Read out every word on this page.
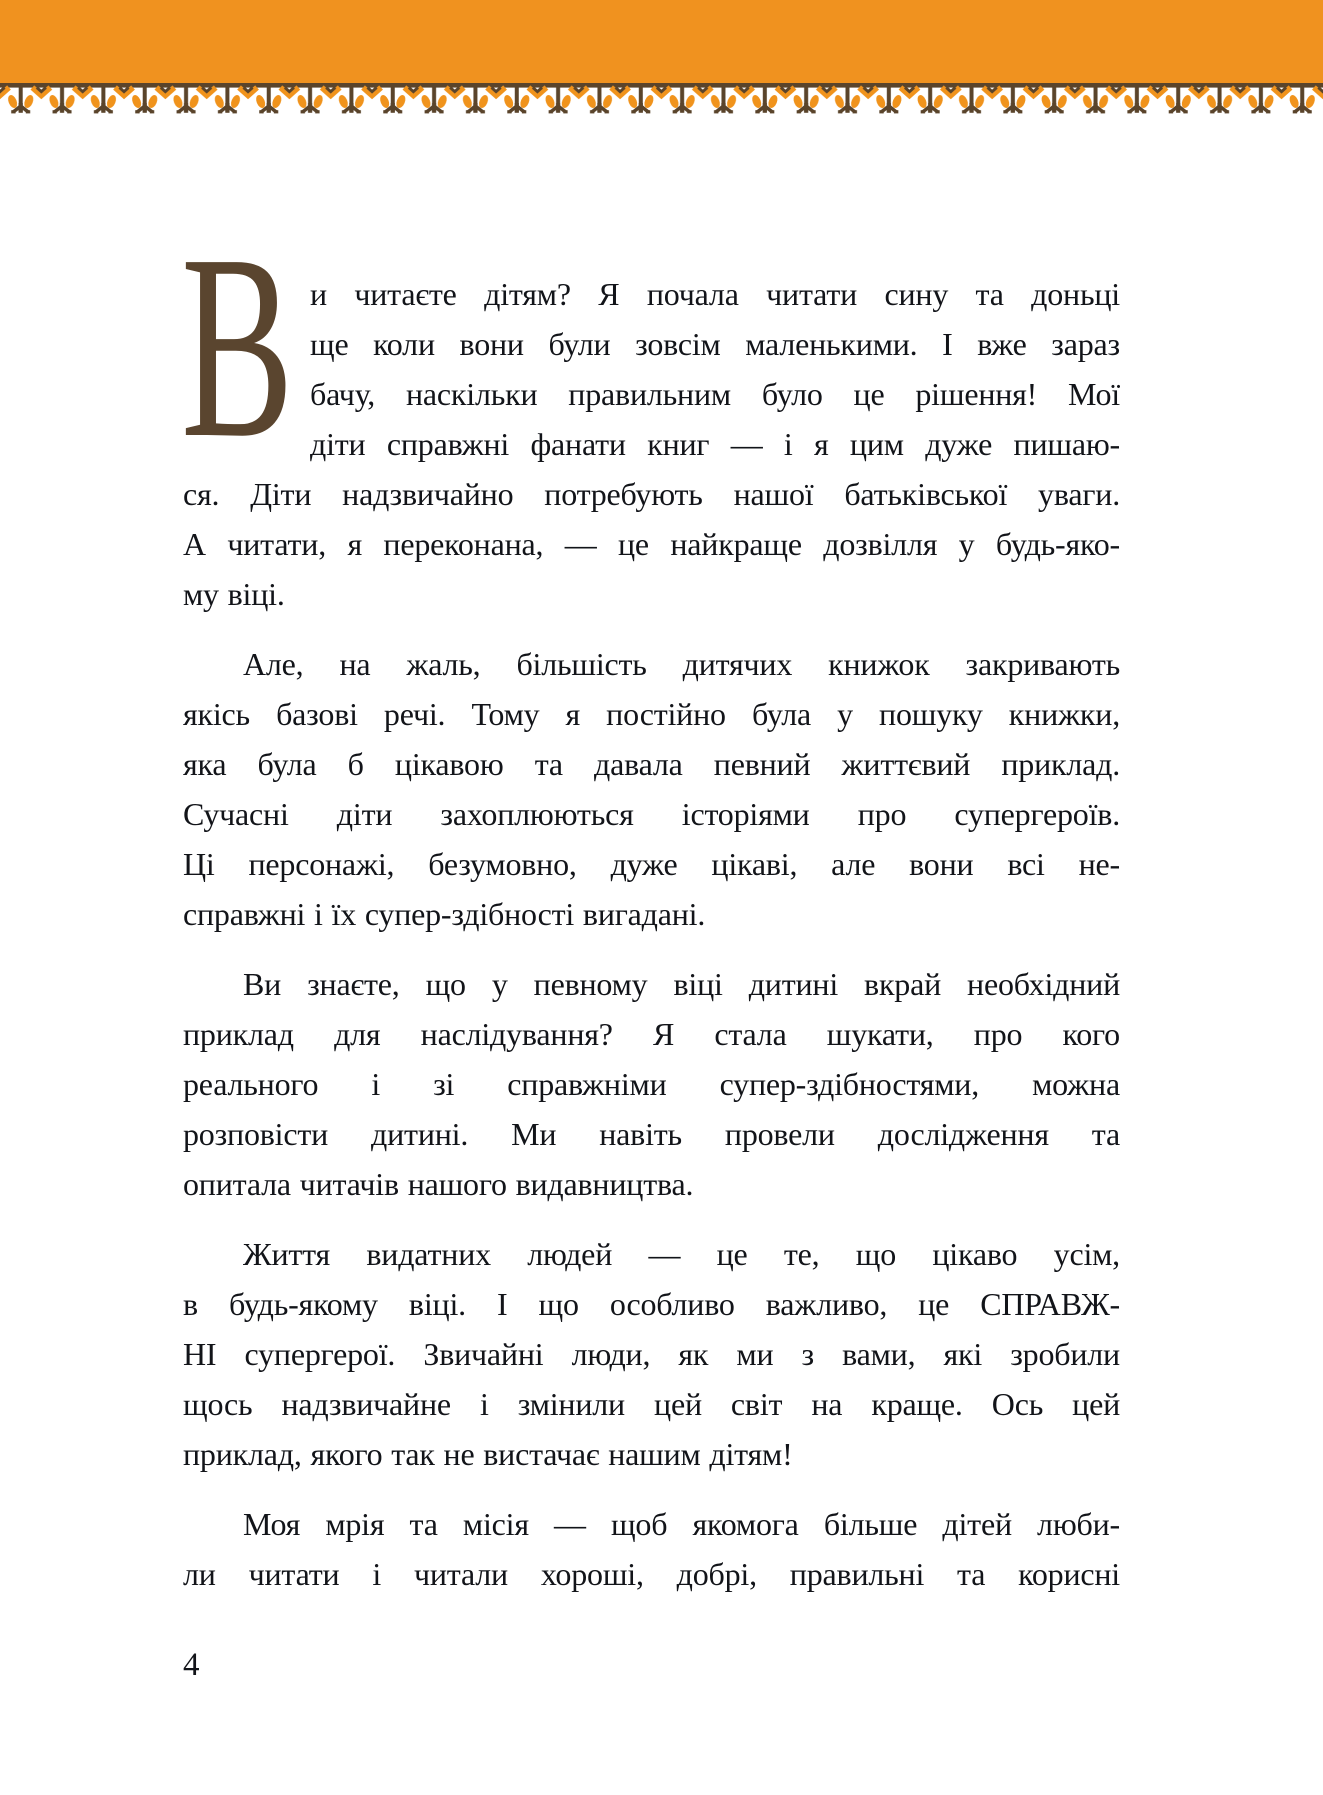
В и читаєте дітям? Я почала читати сину та доньці
ще коли вони були зовсім маленькими. І вже зараз
бачу, наскільки правильним було це рішення! Мої
діти справжні фанати книг — і я цим дуже пишаю-
ся. Діти надзвичайно потребують нашої батьківської уваги.
А читати, я переконана, — це найкраще дозвілля у будь-яко-
му віці.
Але, на жаль, більшість дитячих книжок закривають
якісь базові речі. Тому я постійно була у пошуку книжки,
яка була б цікавою та давала певний життєвий приклад.
Сучасні діти захоплюються історіями про супергероїв.
Ці персонажі, безумовно, дуже цікаві, але вони всі не-
справжні і їх супер-здібності вигадані.
Ви знаєте, що у певному віці дитині вкрай необхідний
приклад для наслідування? Я стала шукати, про кого
реального і зі справжніми супер-здібностями, можна
розповісти дитині. Ми навіть провели дослідження та
опитала читачів нашого видавництва.
Життя видатних людей — це те, що цікаво усім,
в будь-якому віці. І що особливо важливо, це СПРАВЖ-
НІ супергерої. Звичайні люди, як ми з вами, які зробили
щось надзвичайне і змінили цей світ на краще. Ось цей
приклад, якого так не вистачає нашим дітям!
Моя мрія та місія — щоб якомога більше дітей люби-
ли читати і читали хороші, добрі, правильні та корисні
4
